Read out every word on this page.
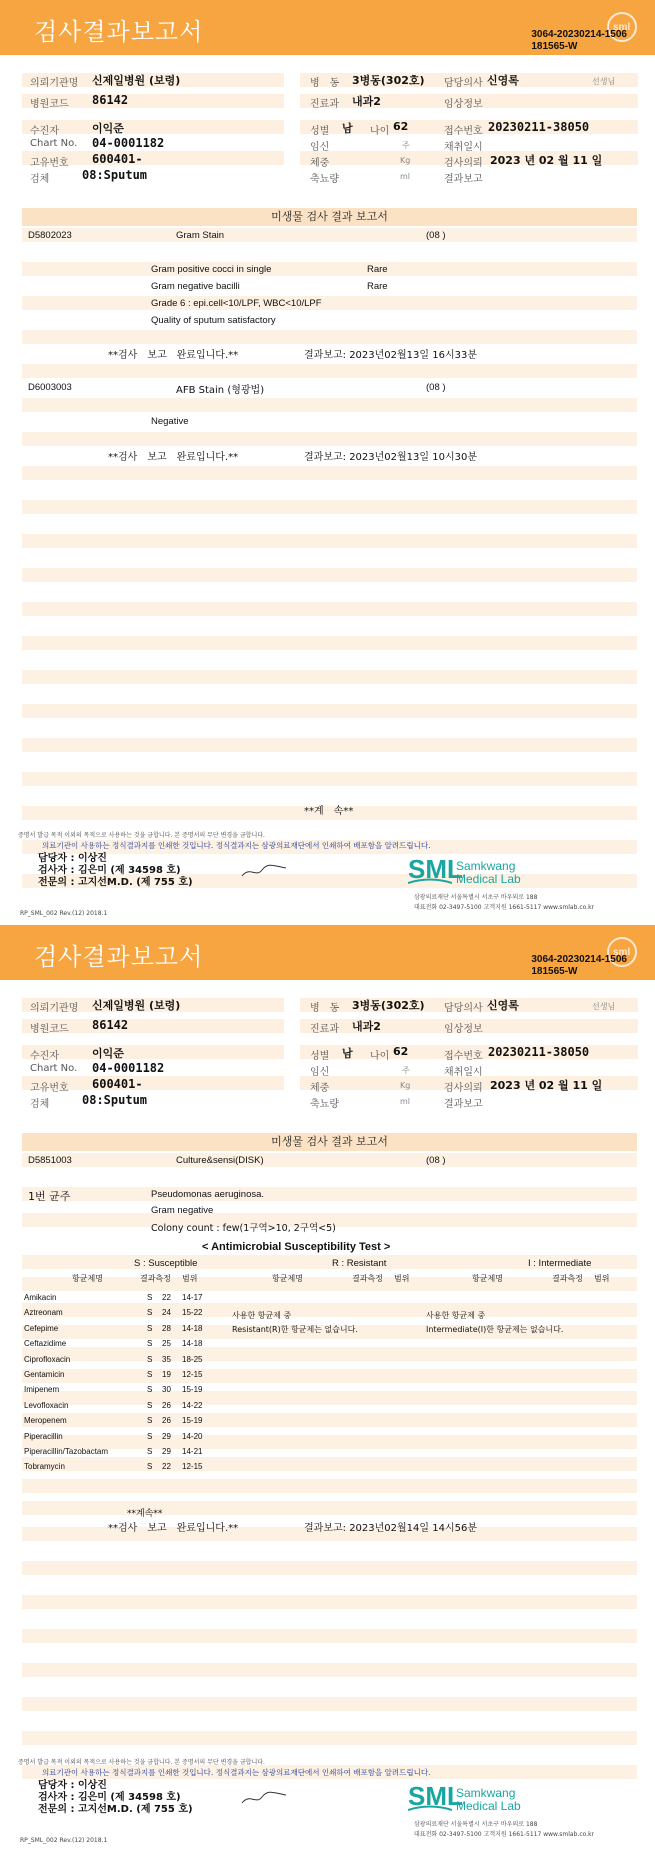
검사결과보고서	sml
3064-20230214-1506
181565-W
의뢰기관명 신제일병원 (보령)
병원코드 86142
병　동 3병동(302호)
진료과 내과2
담당의사 신영록	선생님
임상정보
수진자	이익준
Chart No. 04-0001182
고유번호 600401-
검체	08:Sputum
성별 남 나이 62
임신	주
체중	Kg
축뇨량	ml
접수번호 20230211-38050
채취일시
검사의뢰 2023 년 02 월 11 일
결과보고
미생물 검사 결과 보고서
D5802023	Gram Stain	(08 )
Gram positive cocci in single	Rare
Gram negative bacilli	Rare
Grade 6 : epi.cell<10/LPF, WBC<10/LPF
Quality of sputum satisfactory
**검사　보고　완료입니다.**	결과보고: 2023년02월13일 16시33분
D6003003	AFB Stain (형광법)	(08 )
Negative
**검사　보고　완료입니다.**	결과보고: 2023년02월13일 10시30분
**계　속**
증명서 발급 목적 이외의 목적으로 사용하는 것을 금합니다. 본 증명서의 무단 변경을 금합니다.
의료기관이 사용하는 정식결과지를 인쇄한 것입니다. 정식결과지는 삼광의료재단에서 인쇄하여 배포함을 알려드립니다.
담당자 : 이상진
검사자 : 김은미 (제 34598 호)
전문의 : 고지선M.D. (제 755 호)	SML
Samkwang
Medical Lab
삼광의료재단 서울특별시 서초구 바우뫼로 188
대표전화 02-3497-5100 고객지원 1661-5117 www.smlab.co.kr
RP_SML_002 Rev.(12) 2018.1
검사결과보고서	sml
3064-20230214-1506
181565-W
의뢰기관명 신제일병원 (보령)
병원코드 86142
병　동 3병동(302호)
진료과 내과2
담당의사 신영록	선생님
임상정보
수진자	이익준
Chart No. 04-0001182
고유번호 600401-
검체	08:Sputum
성별 남 나이 62
임신	주
체중	Kg
축뇨량	ml
접수번호 20230211-38050
채취일시
검사의뢰 2023 년 02 월 11 일
결과보고
미생물 검사 결과 보고서
D5851003	Culture&sensi(DISK)	(08 )
1번 균주	Pseudomonas aeruginosa.
Gram negative
Colony count : few(1구역>10, 2구역<5)
< Antimicrobial Susceptibility Test >
S : Susceptible	R : Resistant	I : Intermediate
항균제명	결과측정 범위	항균제명	결과측정 범위	항균제명	결과측정 범위
Amikacin	S 22 14-17
Aztreonam	S 24 15-22
Cefepime	S 28 14-18
Ceftazidime	S 25 14-18
Ciprofloxacin	S 35 18-25
Gentamicin	S 19 12-15
Imipenem	S 30 15-19
Levofloxacin	S 26 14-22
Meropenem	S 26 15-19
Piperacillin	S 29 14-20
Piperacillin/Tazobactam	S 29 14-21
Tobramycin	S 22 12-15
사용한 항균제 중	사용한 항균제 중
Resistant(R)한 항균제는 없습니다.	Intermediate(I)한 항균제는 없습니다.
**계속**
**검사　보고　완료입니다.**	결과보고: 2023년02월14일 14시56분
증명서 발급 목적 이외의 목적으로 사용하는 것을 금합니다. 본 증명서의 무단 변경을 금합니다.
의료기관이 사용하는 정식결과지를 인쇄한 것입니다. 정식결과지는 삼광의료재단에서 인쇄하여 배포함을 알려드립니다.
담당자 : 이상진
검사자 : 김은미 (제 34598 호)
전문의 : 고지선M.D. (제 755 호)	SML
Samkwang
Medical Lab
삼광의료재단 서울특별시 서초구 바우뫼로 188
대표전화 02-3497-5100 고객지원 1661-5117 www.smlab.co.kr
RP_SML_002 Rev.(12) 2018.1
